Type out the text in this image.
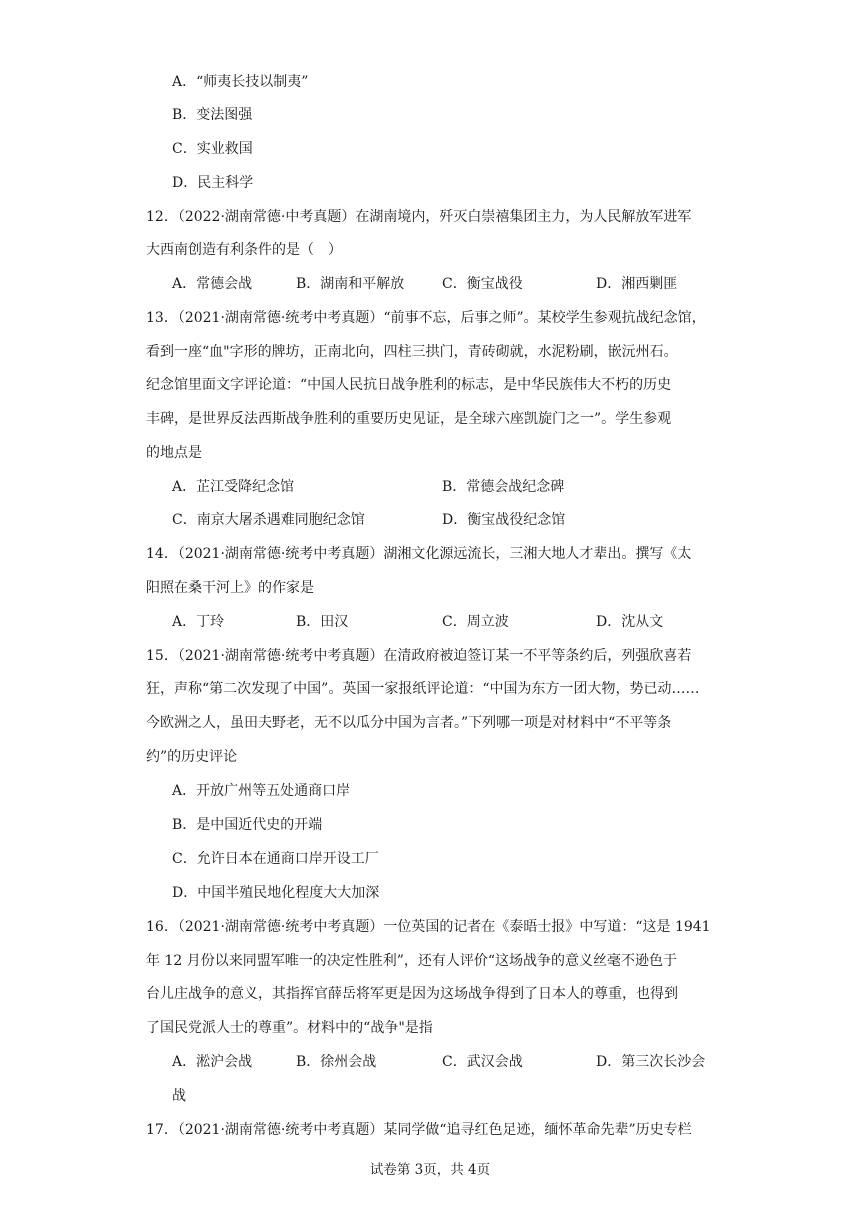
A．“师夷长技以制夷”
B．变法图强
C．实业救国
D．民主科学
12．（2022·湖南常德·中考真题）在湖南境内，歼灭白崇禧集团主力，为人民解放军进军
大西南创造有利条件的是（　）
A．常德会战	B．湖南和平解放	C．衡宝战役	D．湘西剿匪
13．（2021·湖南常德·统考中考真题）“前事不忘，后事之师”。某校学生参观抗战纪念馆，
看到一座“血"字形的牌坊，正南北向，四柱三拱门，青砖砌就，水泥粉刷，嵌沅州石。
纪念馆里面文字评论道：“中国人民抗日战争胜利的标志，是中华民族伟大不朽的历史
丰碑，是世界反法西斯战争胜利的重要历史见证，是全球六座凯旋门之一”。学生参观
的地点是
A．芷江受降纪念馆	B．常德会战纪念碑
C．南京大屠杀遇难同胞纪念馆	D．衡宝战役纪念馆
14．（2021·湖南常德·统考中考真题）湖湘文化源远流长，三湘大地人才辈出。撰写《太
阳照在桑干河上》的作家是
A．丁玲	B．田汉	C．周立波	D．沈从文
15．（2021·湖南常德·统考中考真题）在清政府被迫签订某一不平等条约后，列强欣喜若
狂，声称“第二次发现了中国”。英国一家报纸评论道：“中国为东方一团大物，势已动……
今欧洲之人，虽田夫野老，无不以瓜分中国为言者。”下列哪一项是对材料中“不平等条
约”的历史评论
A．开放广州等五处通商口岸
B．是中国近代史的开端
C．允许日本在通商口岸开设工厂
D．中国半殖民地化程度大大加深
16．（2021·湖南常德·统考中考真题）一位英国的记者在《泰晤士报》中写道：“这是 1941
年 12 月份以来同盟军唯一的决定性胜利”，还有人评价“这场战争的意义丝毫不逊色于
台儿庄战争的意义，其指挥官薛岳将军更是因为这场战争得到了日本人的尊重，也得到
了国民党派人士的尊重”。材料中的“战争"是指
A．淞沪会战	B．徐州会战	C．武汉会战	D．第三次长沙会
战
17．（2021·湖南常德·统考中考真题）某同学做“追寻红色足迹，缅怀革命先辈”历史专栏
试卷第 3页，共 4页
